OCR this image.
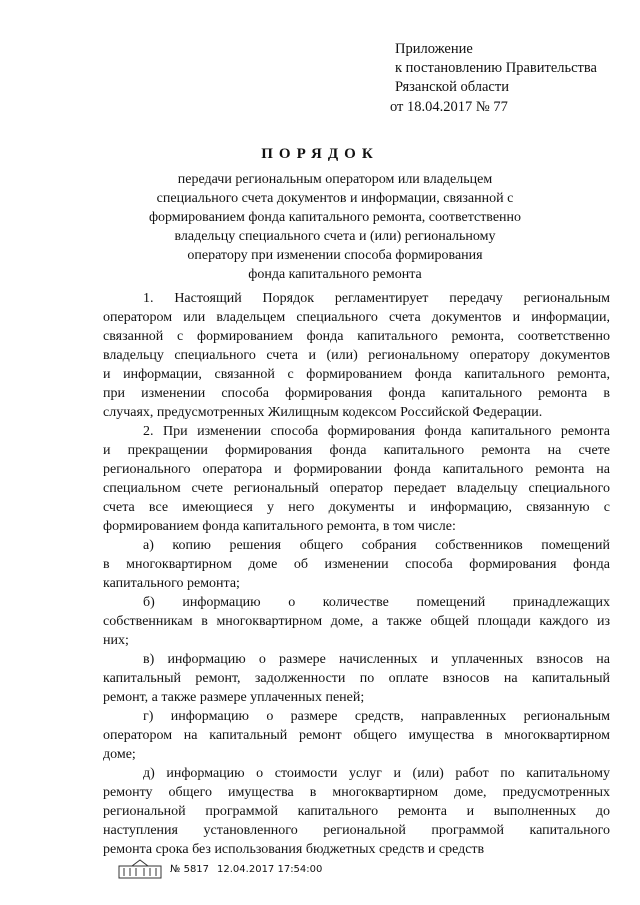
Приложение
к постановлению Правительства
Рязанской области
от 18.04.2017 № 77
ПОРЯДОК
передачи региональным оператором или владельцем
специального счета документов и информации, связанной с
формированием фонда капитального ремонта, соответственно
владельцу специального счета и (или) региональному
оператору при изменении способа формирования
фонда капитального ремонта
1. Настоящий Порядок регламентирует передачу региональным
оператором или владельцем специального счета документов и информации,
связанной с формированием фонда капитального ремонта, соответственно
владельцу специального счета и (или) региональному оператору документов
и информации, связанной с формированием фонда капитального ремонта,
при изменении способа формирования фонда капитального ремонта в
случаях, предусмотренных Жилищным кодексом Российской Федерации.
2. При изменении способа формирования фонда капитального ремонта
и прекращении формирования фонда капитального ремонта на счете
регионального оператора и формировании фонда капитального ремонта на
специальном счете региональный оператор передает владельцу специального
счета все имеющиеся у него документы и информацию, связанную с
формированием фонда капитального ремонта, в том числе:
а) копию решения общего собрания собственников помещений
в многоквартирном доме об изменении способа формирования фонда
капитального ремонта;
б) информацию о количестве помещений принадлежащих
собственникам в многоквартирном доме, а также общей площади каждого из
них;
в) информацию о размере начисленных и уплаченных взносов на
капитальный ремонт, задолженности по оплате взносов на капитальный
ремонт, а также размере уплаченных пеней;
г) информацию о размере средств, направленных региональным
оператором на капитальный ремонт общего имущества в многоквартирном
доме;
д) информацию о стоимости услуг и (или) работ по капитальному
ремонту общего имущества в многоквартирном доме, предусмотренных
региональной программой капитального ремонта и выполненных до
наступления установленного региональной программой капитального
ремонта срока без использования бюджетных средств и средств
№ 5817 12.04.2017 17:54:00
